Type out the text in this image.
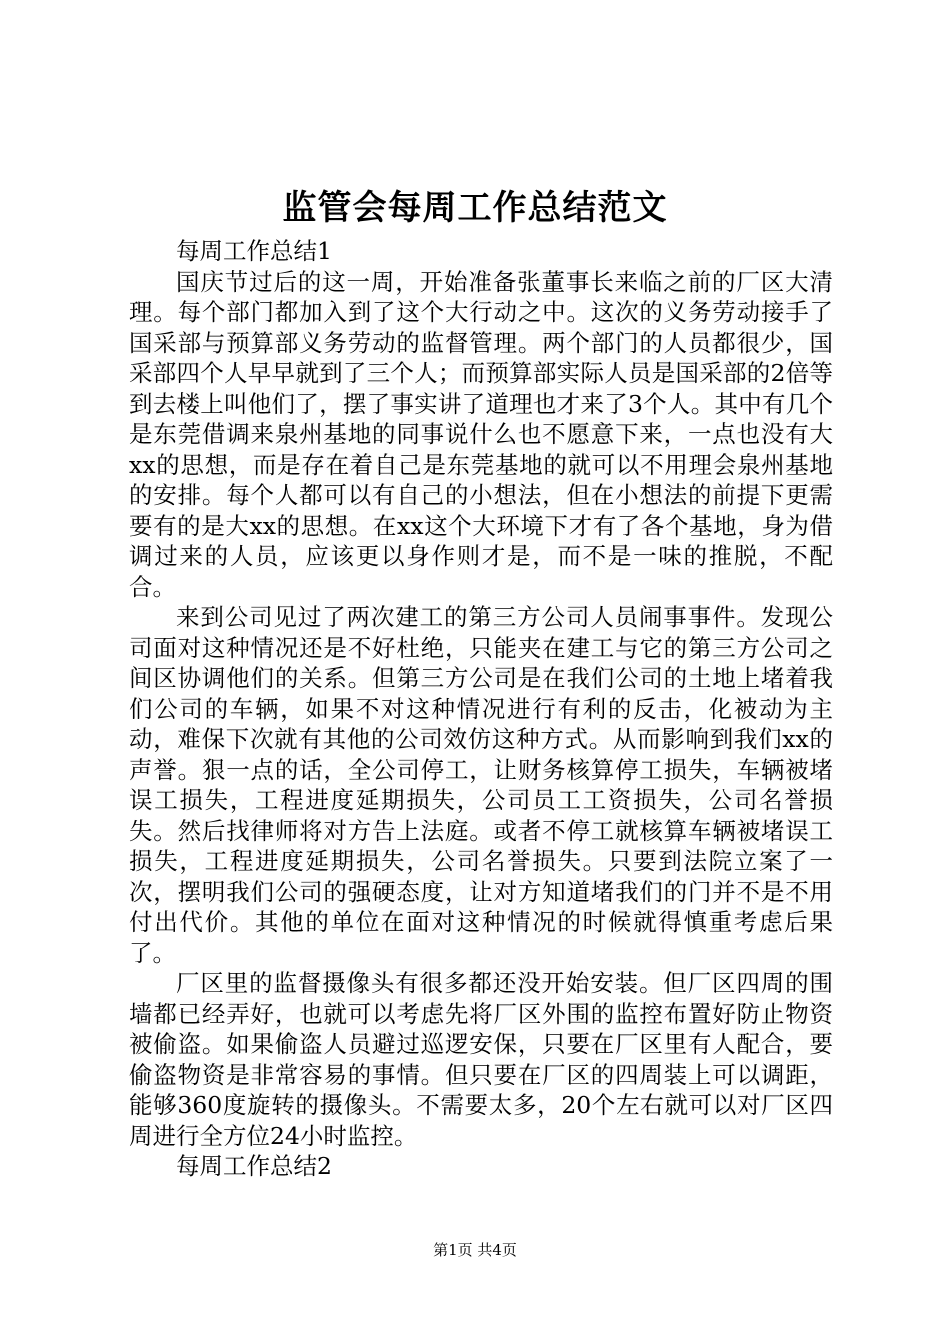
监管会每周工作总结范文

每周工作总结1

国庆节过后的这一周，开始准备张董事长来临之前的厂区大清理。每个部门都加入到了这个大行动之中。这次的义务劳动接手了国采部与预算部义务劳动的监督管理。两个部门的人员都很少，国采部四个人早早就到了三个人；而预算部实际人员是国采部的2倍等到去楼上叫他们了，摆了事实讲了道理也才来了3个人。其中有几个是东莞借调来泉州基地的同事说什么也不愿意下来，一点也没有大xx的思想，而是存在着自己是东莞基地的就可以不用理会泉州基地的安排。每个人都可以有自己的小想法，但在小想法的前提下更需要有的是大xx的思想。在xx这个大环境下才有了各个基地，身为借调过来的人员，应该更以身作则才是，而不是一味的推脱，不配合。

来到公司见过了两次建工的第三方公司人员闹事事件。发现公司面对这种情况还是不好杜绝，只能夹在建工与它的第三方公司之间区协调他们的关系。但第三方公司是在我们公司的土地上堵着我们公司的车辆，如果不对这种情况进行有利的反击，化被动为主动，难保下次就有其他的公司效仿这种方式。从而影响到我们xx的声誉。狠一点的话，全公司停工，让财务核算停工损失，车辆被堵误工损失，工程进度延期损失，公司员工工资损失，公司名誉损失。然后找律师将对方告上法庭。或者不停工就核算车辆被堵误工损失，工程进度延期损失，公司名誉损失。只要到法院立案了一次，摆明我们公司的强硬态度，让对方知道堵我们的门并不是不用付出代价。其他的单位在面对这种情况的时候就得慎重考虑后果了。

厂区里的监督摄像头有很多都还没开始安装。但厂区四周的围墙都已经弄好，也就可以考虑先将厂区外围的监控布置好防止物资被偷盗。如果偷盗人员避过巡逻安保，只要在厂区里有人配合，要偷盗物资是非常容易的事情。但只要在厂区的四周装上可以调距，能够360度旋转的摄像头。不需要太多，20个左右就可以对厂区四周进行全方位24小时监控。

每周工作总结2

第1页 共4页
